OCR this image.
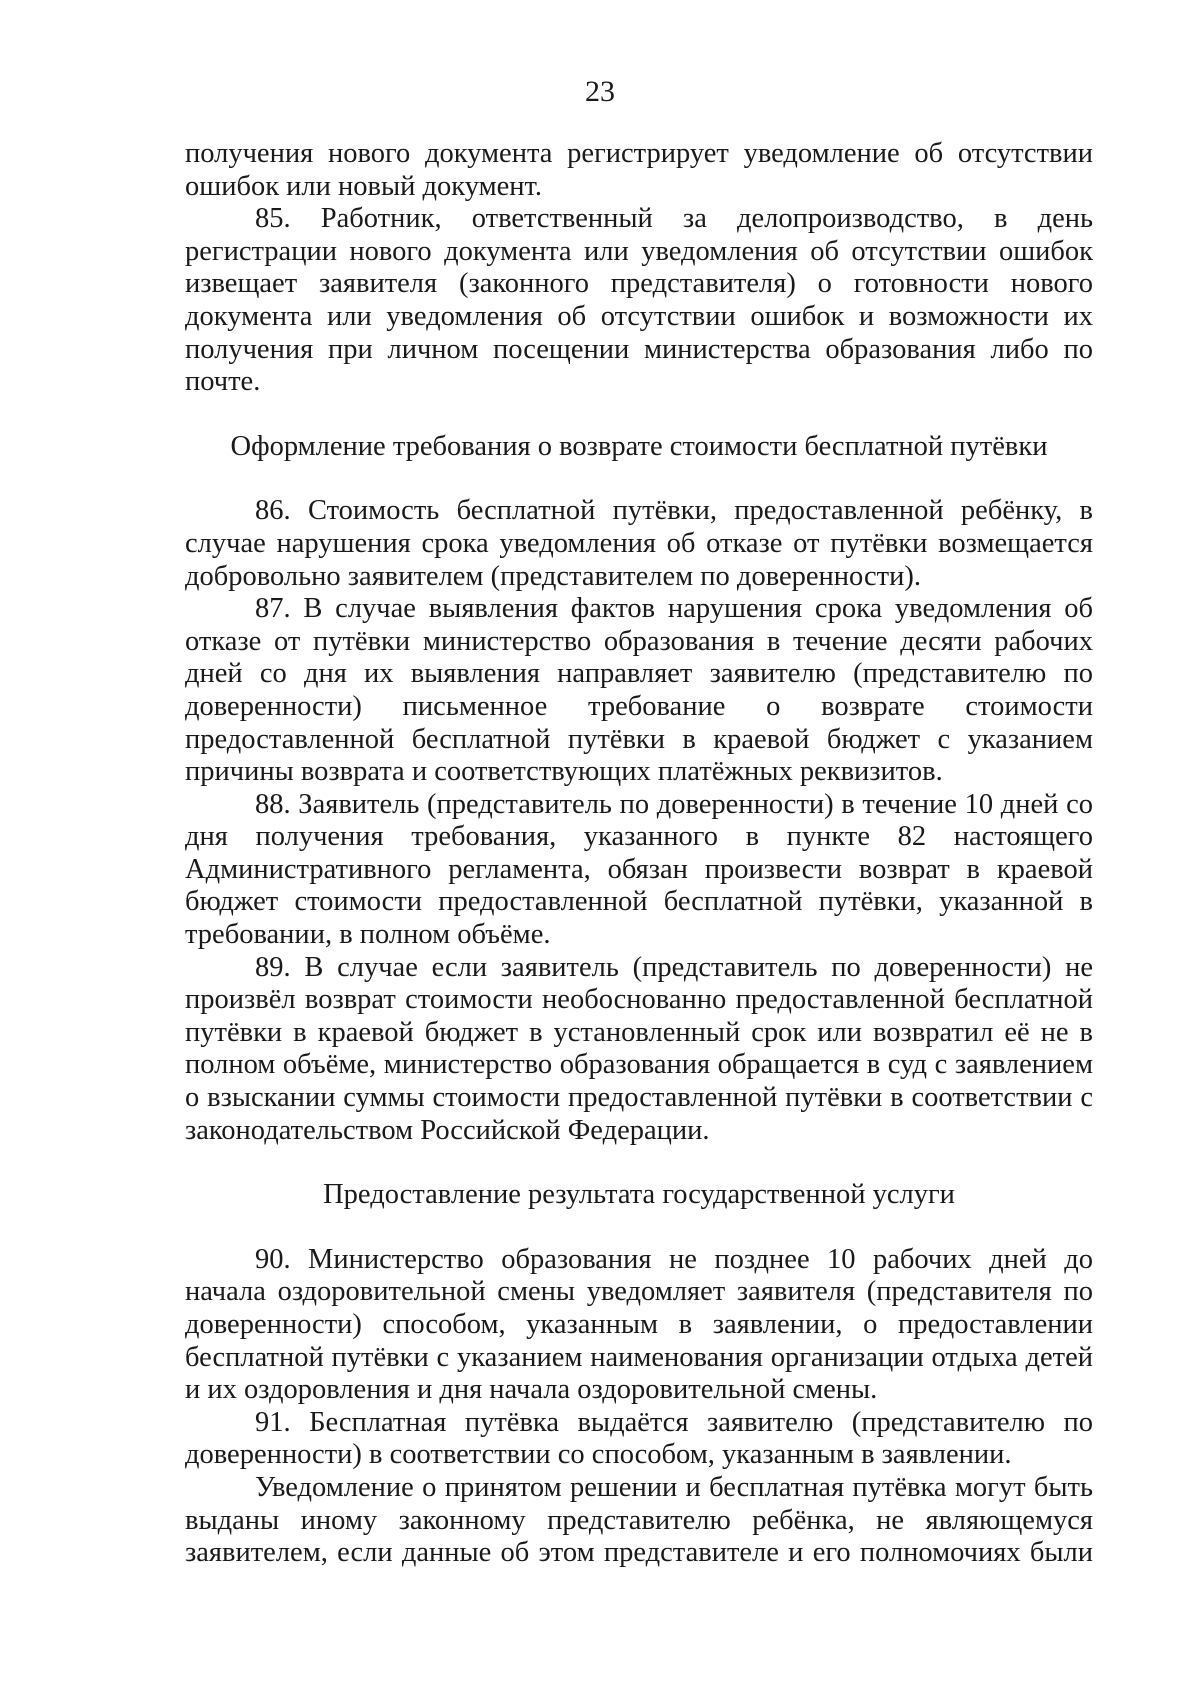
23

получения нового документа регистрирует уведомление об отсутствии ошибок или новый документ.

85. Работник, ответственный за делопроизводство, в день регистрации нового документа или уведомления об отсутствии ошибок извещает заявителя (законного представителя) о готовности нового документа или уведомления об отсутствии ошибок и возможности их получения при личном посещении министерства образования либо по почте.

Оформление требования о возврате стоимости бесплатной путёвки

86. Стоимость бесплатной путёвки, предоставленной ребёнку, в случае нарушения срока уведомления об отказе от путёвки возмещается добровольно заявителем (представителем по доверенности).

87. В случае выявления фактов нарушения срока уведомления об отказе от путёвки министерство образования в течение десяти рабочих дней со дня их выявления направляет заявителю (представителю по доверенности) письменное требование о возврате стоимости предоставленной бесплатной путёвки в краевой бюджет с указанием причины возврата и соответствующих платёжных реквизитов.

88. Заявитель (представитель по доверенности) в течение 10 дней со дня получения требования, указанного в пункте 82 настоящего Административного регламента, обязан произвести возврат в краевой бюджет стоимости предоставленной бесплатной путёвки, указанной в требовании, в полном объёме.

89. В случае если заявитель (представитель по доверенности) не произвёл возврат стоимости необоснованно предоставленной бесплатной путёвки в краевой бюджет в установленный срок или возвратил её не в полном объёме, министерство образования обращается в суд с заявлением о взыскании суммы стоимости предоставленной путёвки в соответствии с законодательством Российской Федерации.

Предоставление результата государственной услуги

90. Министерство образования не позднее 10 рабочих дней до начала оздоровительной смены уведомляет заявителя (представителя по доверенности) способом, указанным в заявлении, о предоставлении бесплатной путёвки с указанием наименования организации отдыха детей и их оздоровления и дня начала оздоровительной смены.

91. Бесплатная путёвка выдаётся заявителю (представителю по доверенности) в соответствии со способом, указанным в заявлении.

Уведомление о принятом решении и бесплатная путёвка могут быть выданы иному законному представителю ребёнка, не являющемуся заявителем, если данные об этом представителе и его полномочиях были
